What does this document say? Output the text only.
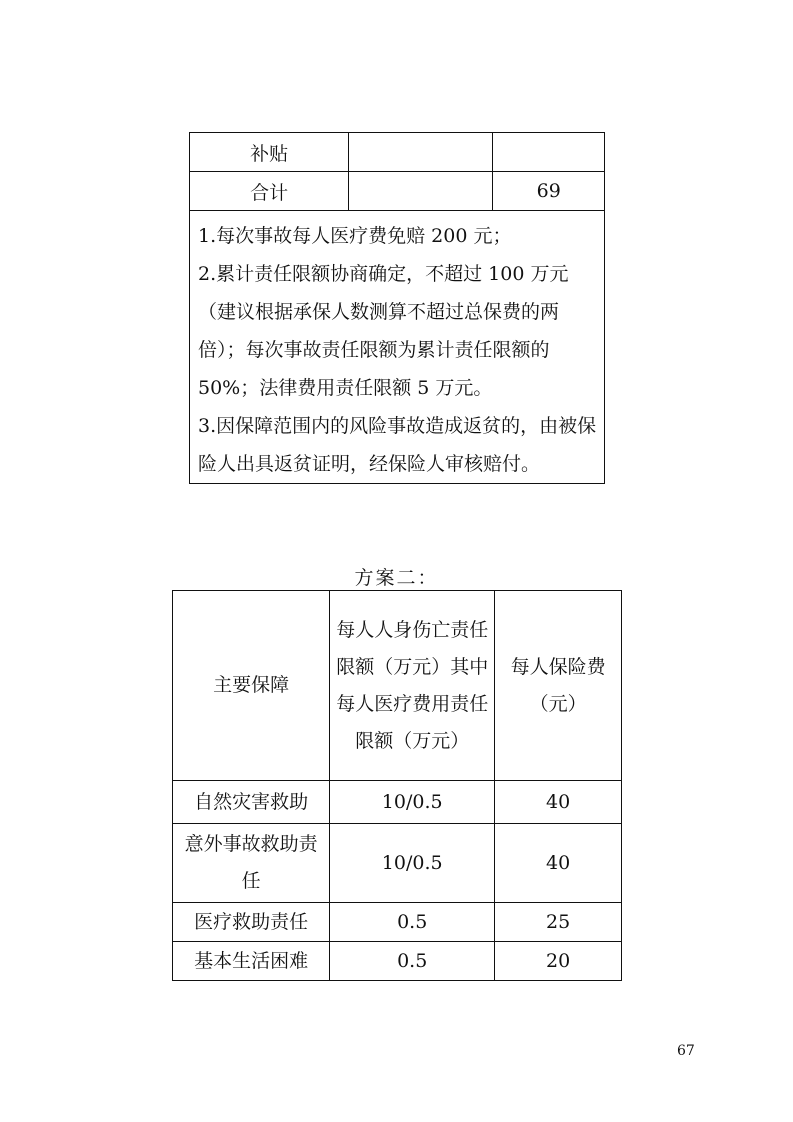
补贴		
合计		69

1.每次事故每人医疗费免赔 200 元；

2.累计责任限额协商确定，不超过 100 万元（建议根据承保人数测算不超过总保费的两倍）；每次事故责任限额为累计责任限额的 50%；法律费用责任限额 5 万元。

3.因保障范围内的风险事故造成返贫的，由被保险人出具返贫证明，经保险人审核赔付。		

方案二：
主要保障	每人人身伤亡责任限额（万元）其中每人医疗费用责任限额（万元）	每人保险费（元）
自然灾害救助	10/0.5	40
意外事故救助责任	10/0.5	40
医疗救助责任	0.5	25
基本生活困难	0.5	20
67
